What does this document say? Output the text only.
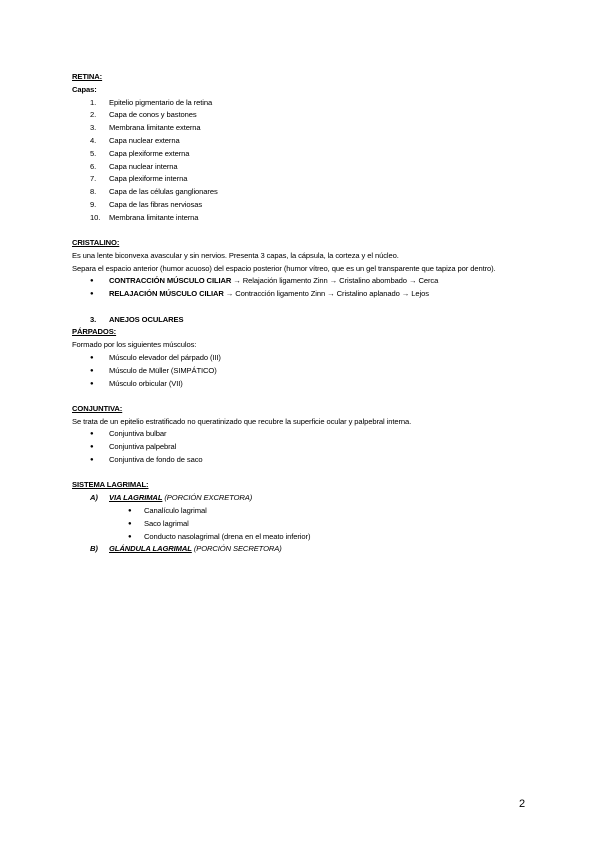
RETINA:
Capas:
1.	Epitelio pigmentario de la retina
2.	Capa de conos y bastones
3.	Membrana limitante externa
4.	Capa nuclear externa
5.	Capa plexiforme externa
6.	Capa nuclear interna
7.	Capa plexiforme interna
8.	Capa de las células ganglionares
9.	Capa de las fibras nerviosas
10.	Membrana limitante interna
CRISTALINO:
Es una lente biconvexa avascular y sin nervios. Presenta 3 capas, la cápsula, la corteza y el núcleo.
Separa el espacio anterior (humor acuoso) del espacio posterior (humor vítreo, que es un gel transparente que tapiza por dentro).
● CONTRACCIÓN MÚSCULO CILIAR → Relajación ligamento Zinn → Cristalino abombado → Cerca
● RELAJACIÓN MÚSCULO CILIAR → Contracción ligamento Zinn → Cristalino aplanado → Lejos
3.	ANEJOS OCULARES
PÁRPADOS:
Formado por los siguientes músculos:
● Músculo elevador del párpado (III)
● Músculo de Müller (SIMPÁTICO)
● Músculo orbicular (VII)
CONJUNTIVA:
Se trata de un epitelio estratificado no queratinizado que recubre la superficie ocular y palpebral interna.
● Conjuntiva bulbar
● Conjuntiva palpebral
● Conjuntiva de fondo de saco
SISTEMA LAGRIMAL:
A) VIA LAGRIMAL (PORCIÓN EXCRETORA)
● Canalículo lagrimal
● Saco lagrimal
● Conducto nasolagrimal (drena en el meato inferior)
B) GLÁNDULA LAGRIMAL (PORCIÓN SECRETORA)
2
